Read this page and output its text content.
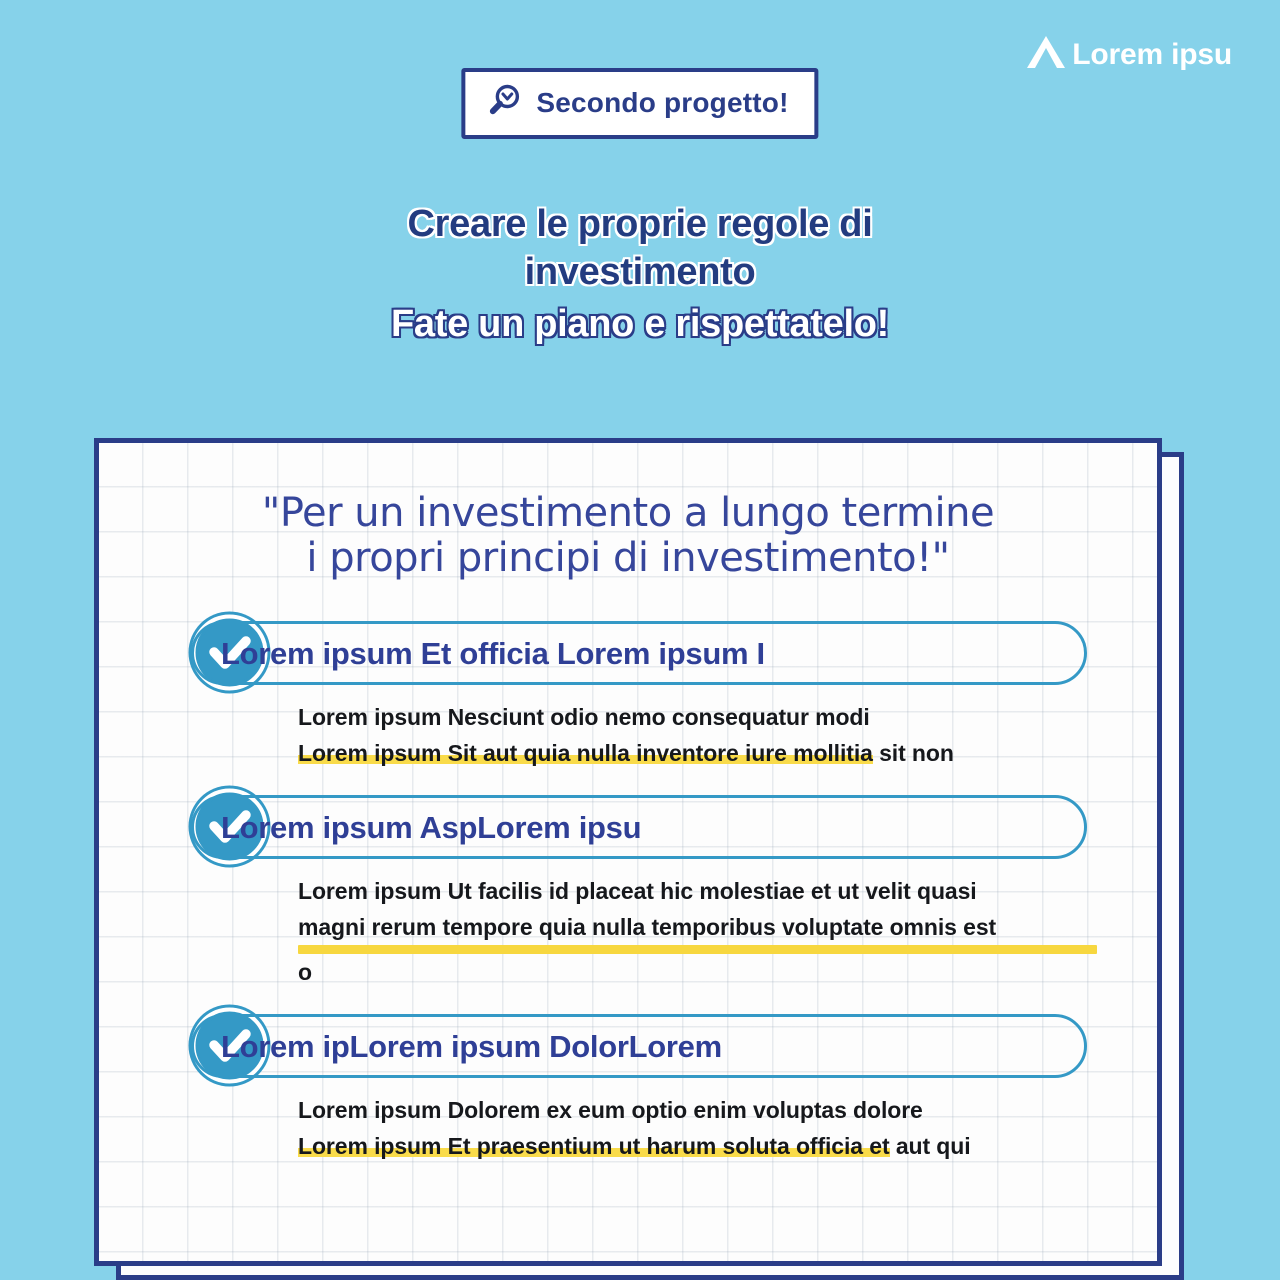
Lorem ipsu
Secondo progetto!
Creare le proprie regole di
investimento
Fate un piano e rispettatelo!
"Per un investimento a lungo termine
i propri principi di investimento!"
Lorem ipsum Et officia Lorem ipsum I
Lorem ipsum Nesciunt odio nemo consequatur modi
Lorem ipsum Sit aut quia nulla inventore iure mollitia sit non
Lorem ipsum AspLorem ipsu
Lorem ipsum Ut facilis id placeat hic molestiae et ut velit quasi
magni rerum tempore quia nulla temporibus voluptate omnis est
o
Lorem ipLorem ipsum DolorLorem
Lorem ipsum Dolorem ex eum optio enim voluptas dolore
Lorem ipsum Et praesentium ut harum soluta officia et aut qui
